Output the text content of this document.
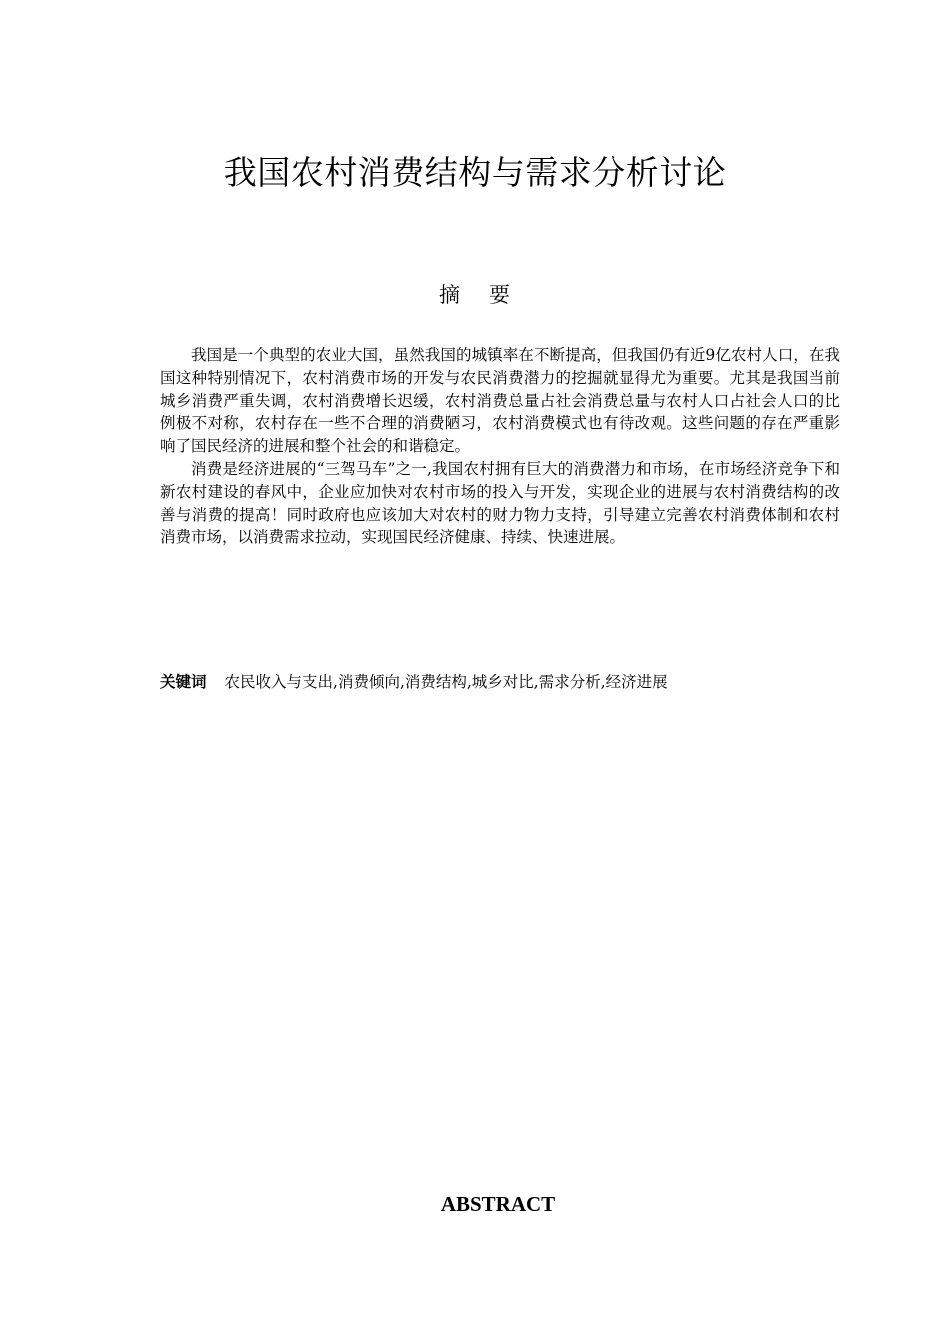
我国农村消费结构与需求分析讨论
摘 要

我国是一个典型的农业大国，虽然我国的城镇率在不断提高，但我国仍有近9亿农村人口，在我国这种特别情况下，农村消费市场的开发与农民消费潜力的挖掘就显得尤为重要。尤其是我国当前城乡消费严重失调，农村消费增长迟缓，农村消费总量占社会消费总量与农村人口占社会人口的比例极不对称，农村存在一些不合理的消费陋习，农村消费模式也有待改观。这些问题的存在严重影响了国民经济的进展和整个社会的和谐稳定。

消费是经济进展的“三驾马车”之一,我国农村拥有巨大的消费潜力和市场，在市场经济竞争下和新农村建设的春风中，企业应加快对农村市场的投入与开发，实现企业的进展与农村消费结构的改善与消费的提高！同时政府也应该加大对农村的财力物力支持，引导建立完善农村消费体制和农村消费市场，以消费需求拉动，实现国民经济健康、持续、快速进展。

关键词 农民收入与支出,消费倾向,消费结构,城乡对比,需求分析,经济进展
ABSTRACT
